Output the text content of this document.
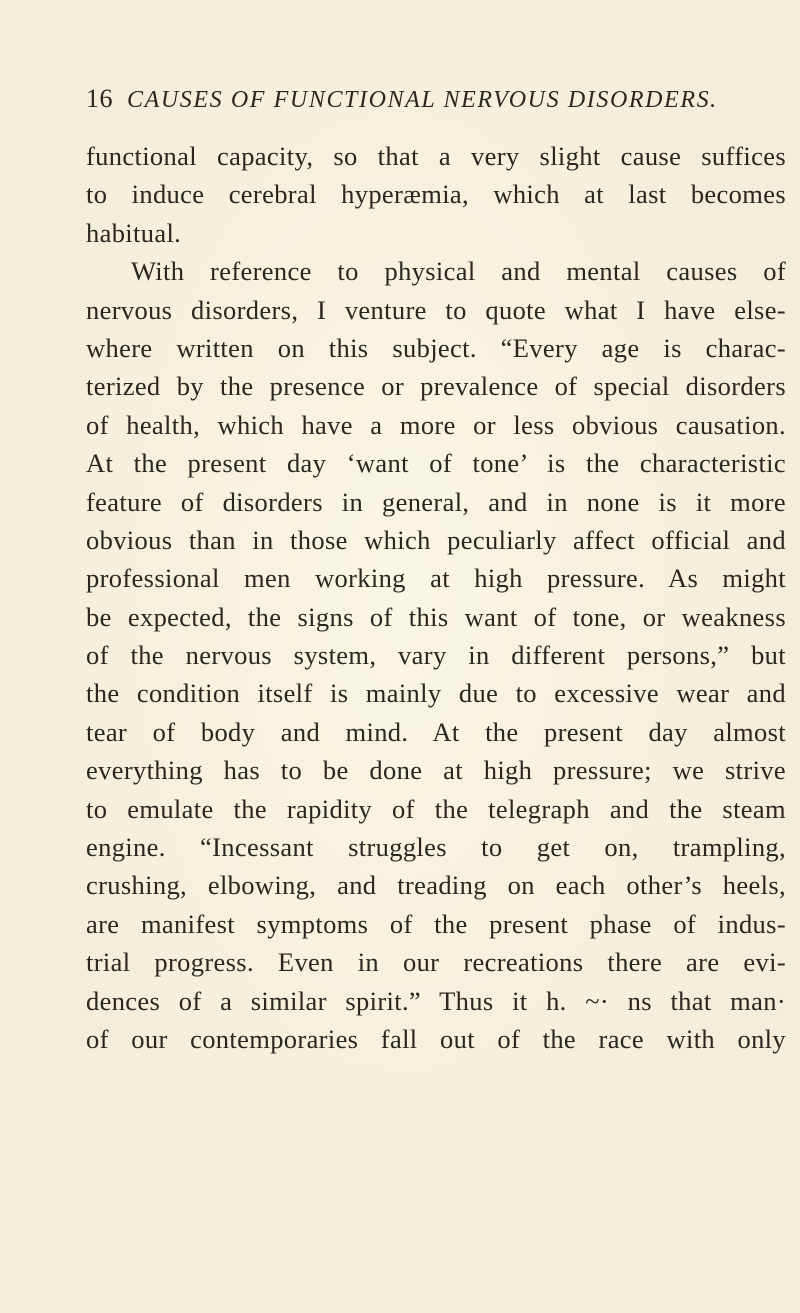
16 CAUSES OF FUNCTIONAL NERVOUS DISORDERS.
functional capacity, so that a very slight cause suffices
to induce cerebral hyperæmia, which at last becomes
habitual.
With reference to physical and mental causes of
nervous disorders, I venture to quote what I have else-
where written on this subject. “Every age is charac-
terized by the presence or prevalence of special disorders
of health, which have a more or less obvious causation.
At the present day ‘want of tone’ is the characteristic
feature of disorders in general, and in none is it more
obvious than in those which peculiarly affect official and
professional men working at high pressure. As might
be expected, the signs of this want of tone, or weakness
of the nervous system, vary in different persons,” but
the condition itself is mainly due to excessive wear and
tear of body and mind. At the present day almost
everything has to be done at high pressure; we strive
to emulate the rapidity of the telegraph and the steam
engine. “Incessant struggles to get on, trampling,
crushing, elbowing, and treading on each other’s heels,
are manifest symptoms of the present phase of indus-
trial progress. Even in our recreations there are evi-
dences of a similar spirit.” Thus it h. ~· ns that man·
of our contemporaries fall out of the race with only
